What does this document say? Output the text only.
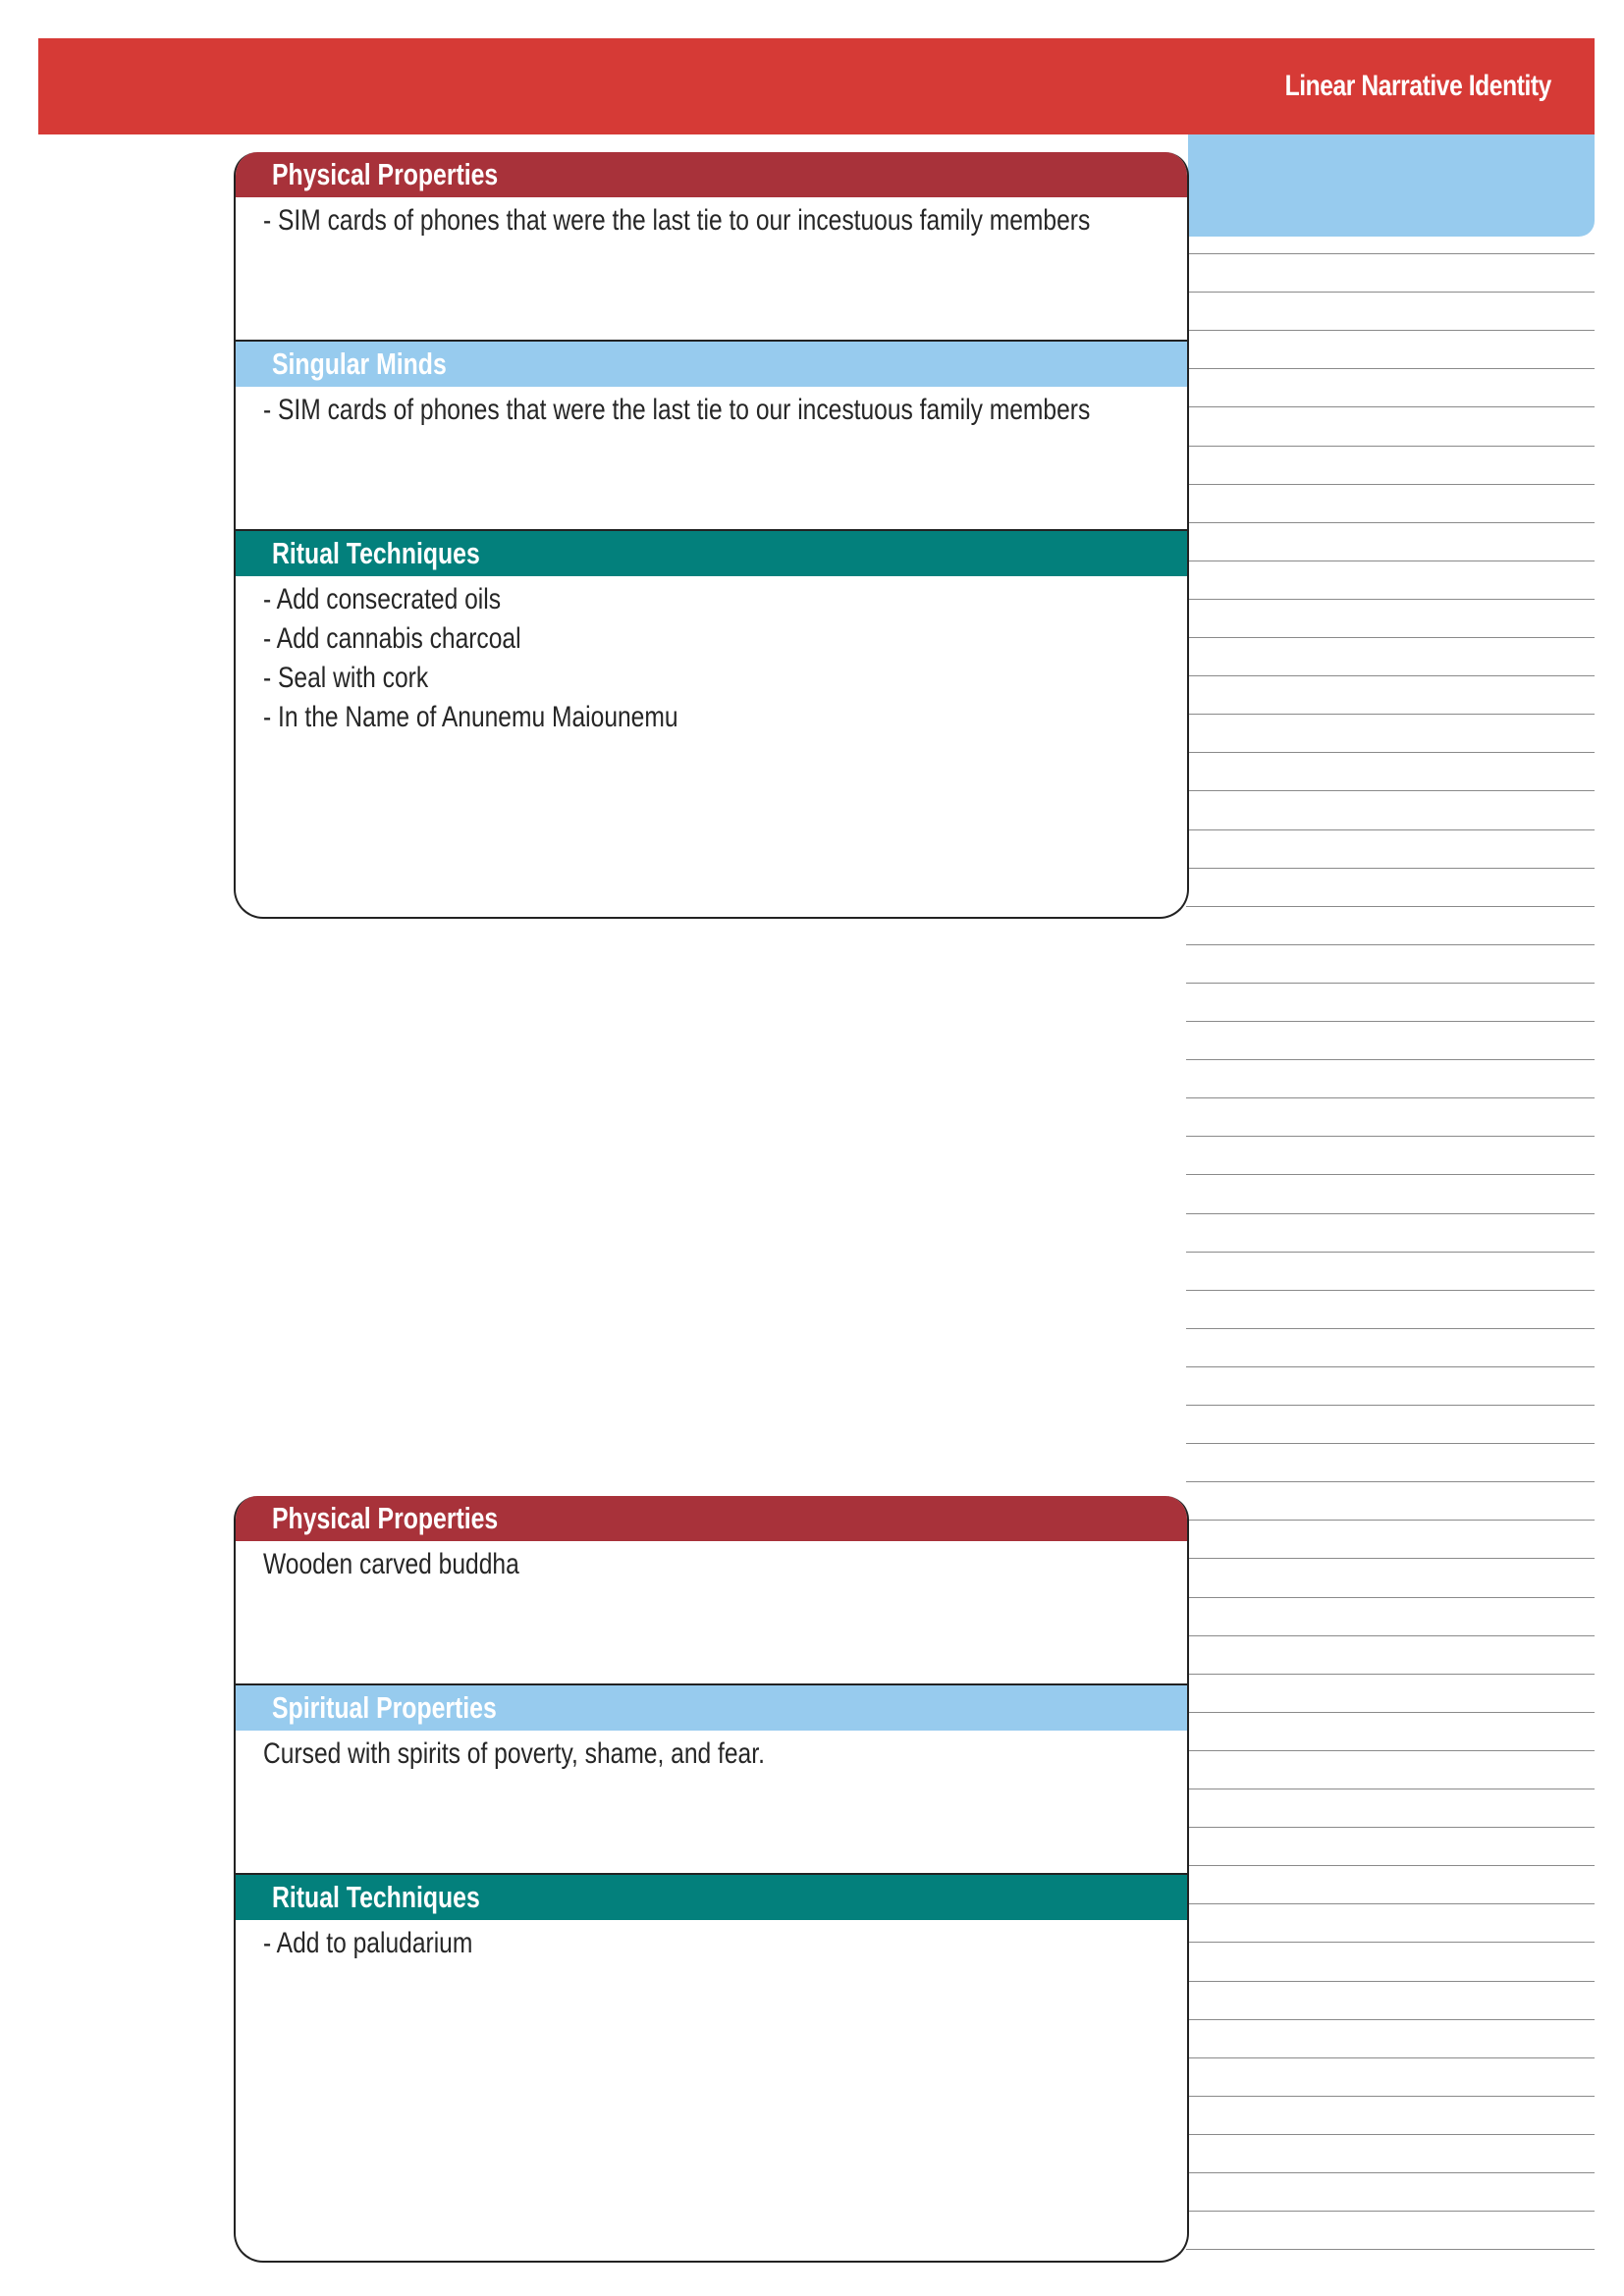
Linear Narrative Identity
Physical Properties
- SIM cards of phones that were the last tie to our incestuous family members
Singular Minds
- SIM cards of phones that were the last tie to our incestuous family members
Ritual Techniques
- Add consecrated oils
- Add cannabis charcoal
- Seal with cork
- In the Name of Anunemu Maiounemu
Physical Properties
Wooden carved buddha
Spiritual Properties
Cursed with spirits of poverty, shame, and fear.
Ritual Techniques
- Add to paludarium
